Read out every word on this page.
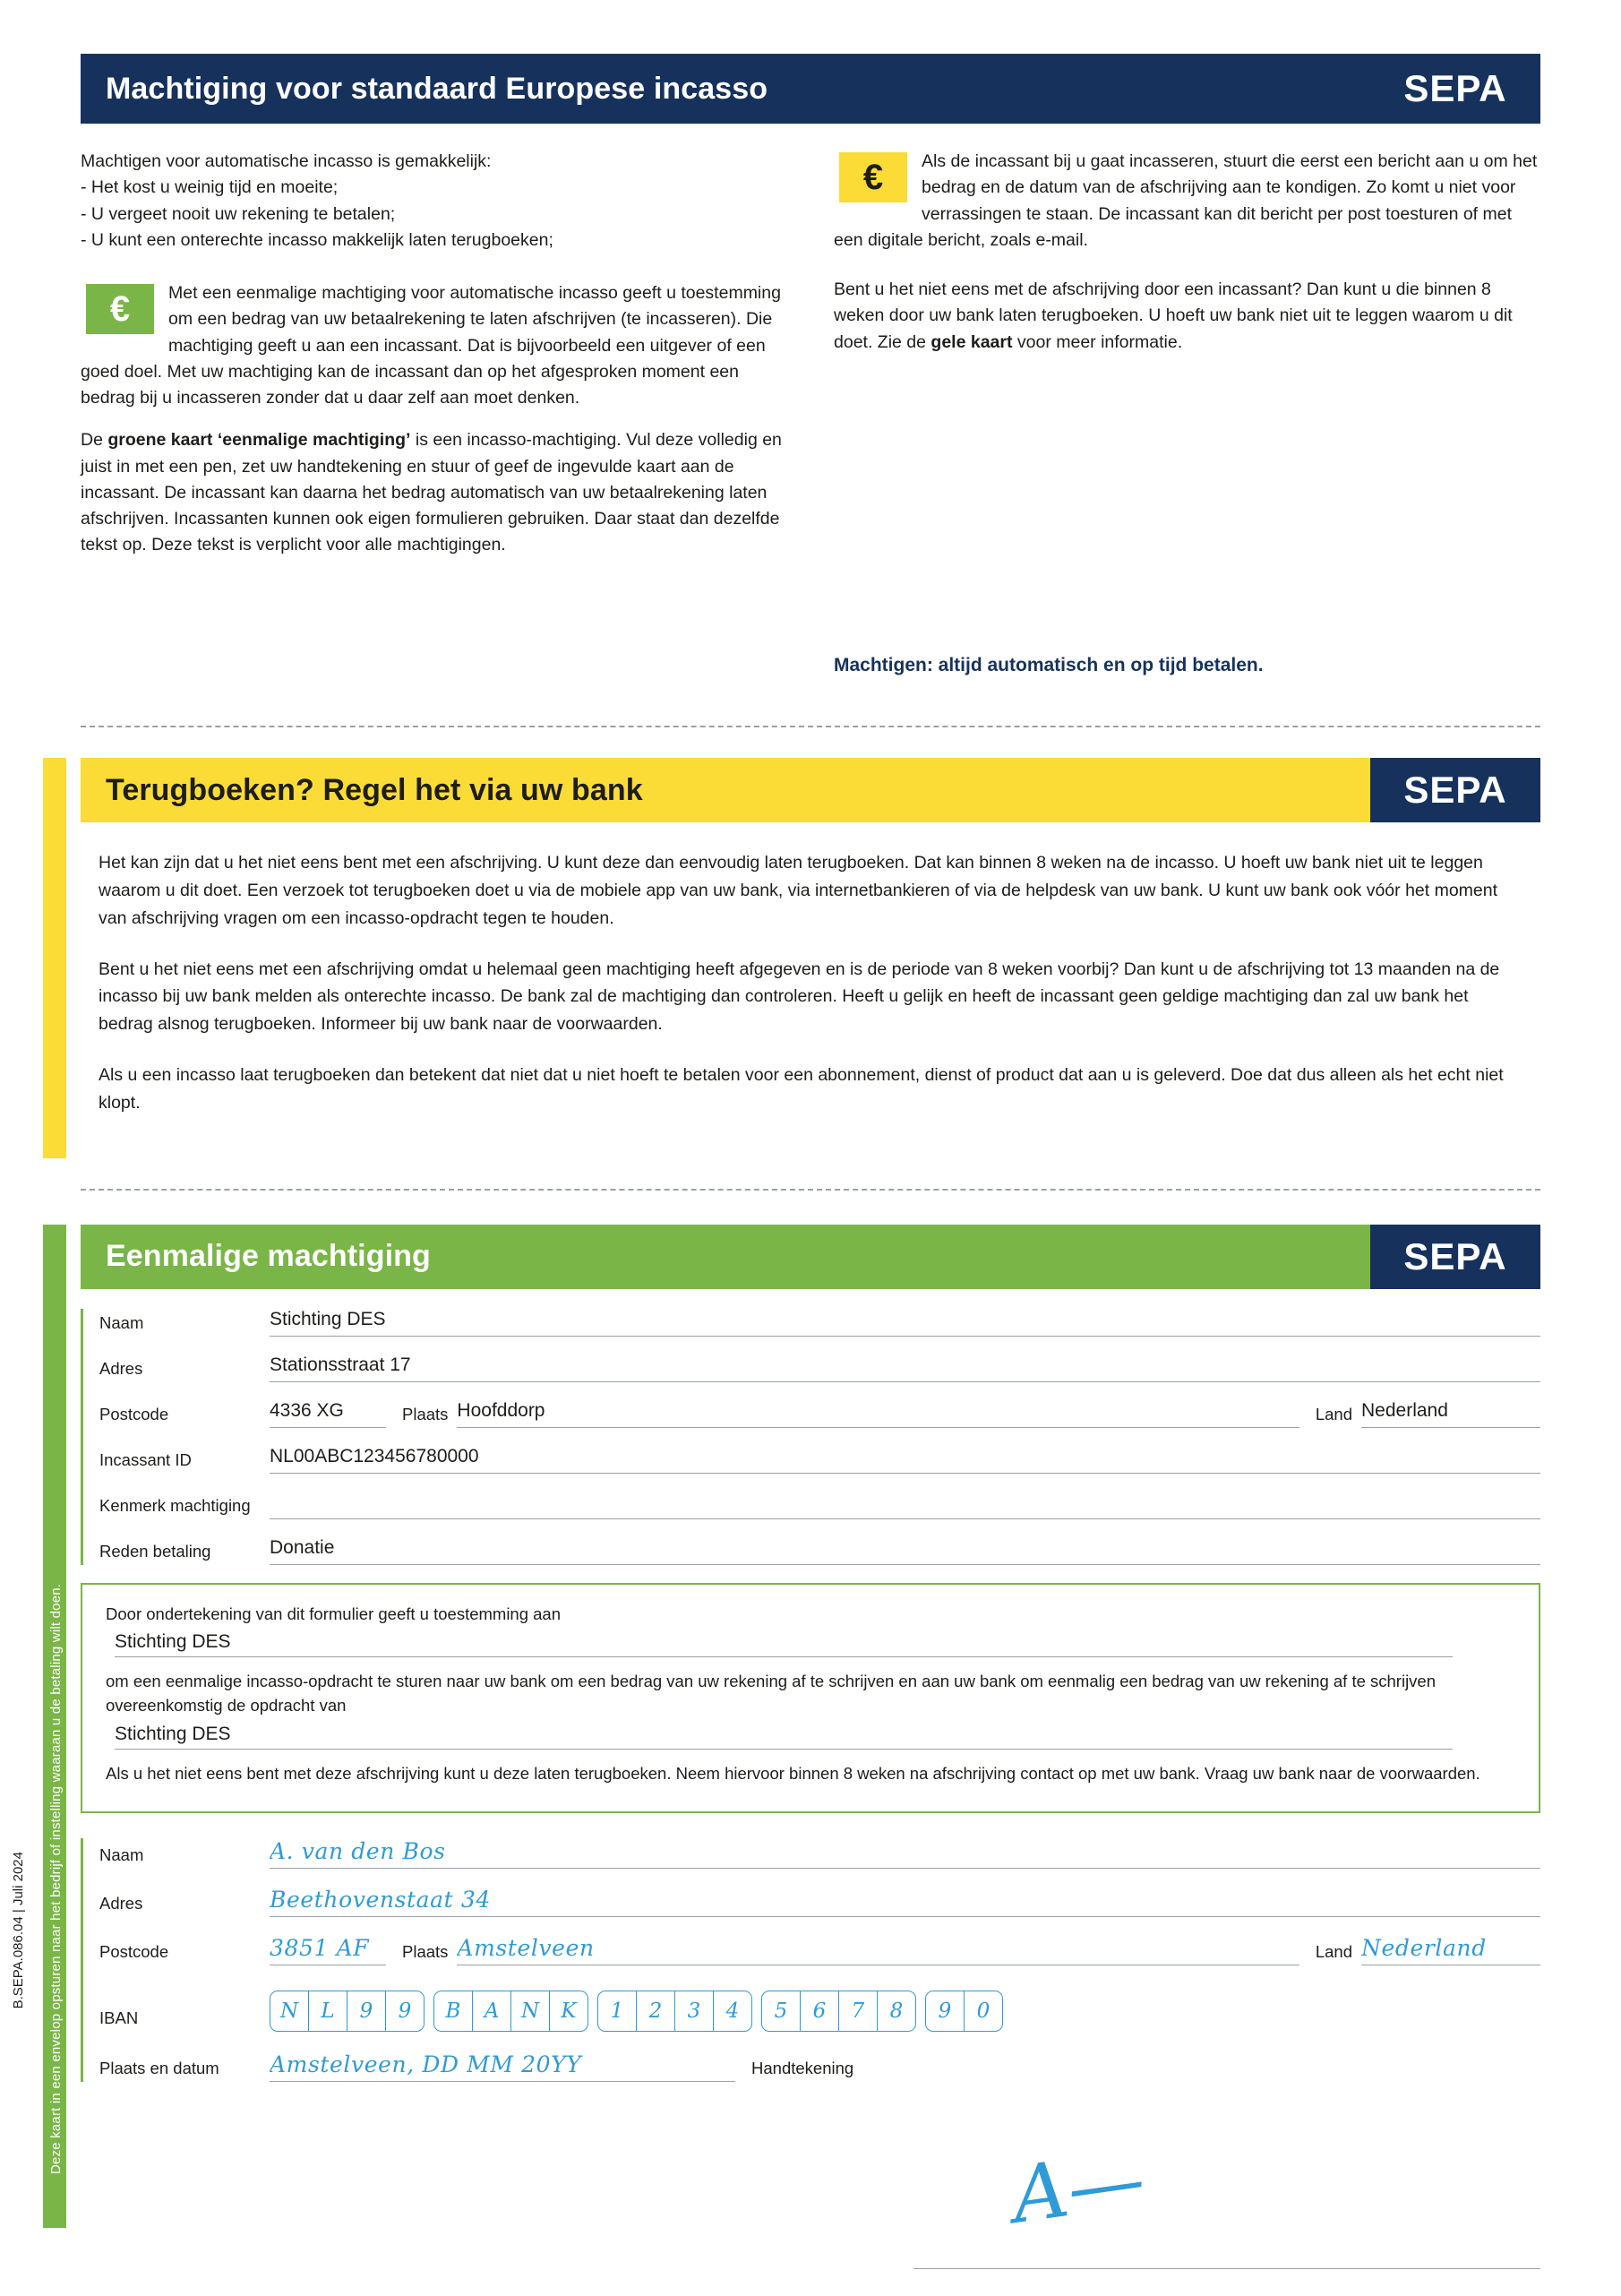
Machtiging voor standaard Europese incasso	SEPA

Machtigen voor automatische incasso is gemakkelijk:

- Het kost u weinig tijd en moeite;

- U vergeet nooit uw rekening te betalen;

- U kunt een onterechte incasso makkelijk laten terugboeken;

€	Met een eenmalige machtiging voor automatische incasso geeft u toestemming om een bedrag van uw betaalrekening te laten afschrijven (te incasseren). Die machtiging geeft u aan een incassant. Dat is bijvoorbeeld een uitgever of een goed doel. Met uw machtiging kan de incassant dan op het afgesproken moment een bedrag bij u incasseren zonder dat u daar zelf aan moet denken.

De groene kaart ‘eenmalige machtiging’ is een incasso-machtiging. Vul deze volledig en juist in met een pen, zet uw handtekening en stuur of geef de ingevulde kaart aan de incassant. De incassant kan daarna het bedrag automatisch van uw betaalrekening laten afschrijven. Incassanten kunnen ook eigen formulieren gebruiken. Daar staat dan dezelfde tekst op. Deze tekst is verplicht voor alle machtigingen.

€	Als de incassant bij u gaat incasseren, stuurt die eerst een bericht aan u om het bedrag en de datum van de afschrijving aan te kondigen. Zo komt u niet voor verrassingen te staan. De incassant kan dit bericht per post toesturen of met een digitale bericht, zoals e-mail.

Bent u het niet eens met de afschrijving door een incassant? Dan kunt u die binnen 8 weken door uw bank laten terugboeken. U hoeft uw bank niet uit te leggen waarom u dit doet. Zie de gele kaart voor meer informatie.

Machtigen: altijd automatisch en op tijd betalen.

Terugboeken? Regel het via uw bank	SEPA

Het kan zijn dat u het niet eens bent met een afschrijving. U kunt deze dan eenvoudig laten terugboeken. Dat kan binnen 8 weken na de incasso. U hoeft uw bank niet uit te leggen waarom u dit doet. Een verzoek tot terugboeken doet u via de mobiele app van uw bank, via internetbankieren of via de helpdesk van uw bank. U kunt uw bank ook vóór het moment van afschrijving vragen om een incasso-opdracht tegen te houden.

Bent u het niet eens met een afschrijving omdat u helemaal geen machtiging heeft afgegeven en is de periode van 8 weken voorbij? Dan kunt u de afschrijving tot 13 maanden na de incasso bij uw bank melden als onterechte incasso. De bank zal de machtiging dan controleren. Heeft u gelijk en heeft de incassant geen geldige machtiging dan zal uw bank het bedrag alsnog terugboeken. Informeer bij uw bank naar de voorwaarden.

Als u een incasso laat terugboeken dan betekent dat niet dat u niet hoeft te betalen voor een abonnement, dienst of product dat aan u is geleverd. Doe dat dus alleen als het echt niet klopt.

Deze kaart in een envelop opsturen naar het bedrijf of instelling waaraan u de betaling wilt doen.
B.SEPA.086.04 | Juli 2024
Eenmalige machtiging	SEPA
Naam	Stichting DES
Adres	Stationsstraat 17
Postcode	4336 XG	Plaats Hoofddorp	Land Nederland
Incassant ID	NL00ABC123456780000
Kenmerk machtiging
Reden betaling	Donatie

Door ondertekening van dit formulier geeft u toestemming aan

Stichting DES

om een eenmalige incasso-opdracht te sturen naar uw bank om een bedrag van uw rekening af te schrijven en aan uw bank om eenmalig een bedrag van uw rekening af te schrijven overeenkomstig de opdracht van

Stichting DES

Als u het niet eens bent met deze afschrijving kunt u deze laten terugboeken. Neem hiervoor binnen 8 weken na afschrijving contact op met uw bank. Vraag uw bank naar de voorwaarden.

Naam	A. van den Bos
Adres	Beethovenstaat 34
Postcode	3851 AF	Plaats Amstelveen	Land Nederland
IBAN	N	L	9	9	B	A	N	K	1	2	3	4	5	6	7	8	9	0
Plaats en datum	Amstelveen, DD MM 20YY	Handtekening
A—
